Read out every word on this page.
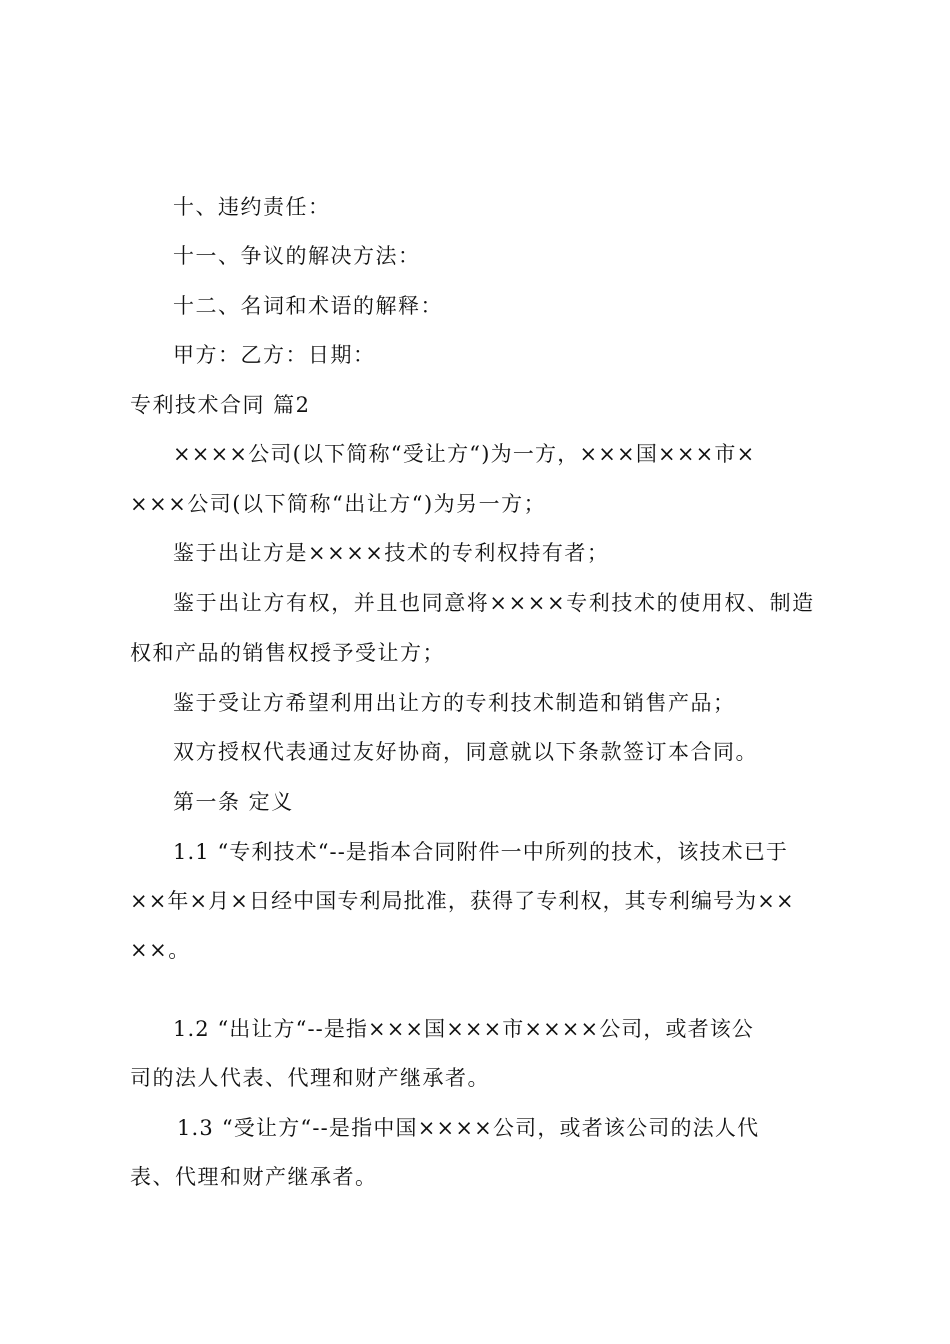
十、违约责任：
十一、争议的解决方法：
十二、名词和术语的解释：
甲方：乙方：日期：
专利技术合同 篇2
××××公司(以下简称“受让方“)为一方，×××国×××市×
×××公司(以下简称“出让方“)为另一方；
鉴于出让方是××××技术的专利权持有者；
鉴于出让方有权，并且也同意将××××专利技术的使用权、制造
权和产品的销售权授予受让方；
鉴于受让方希望利用出让方的专利技术制造和销售产品；
双方授权代表通过友好协商，同意就以下条款签订本合同。
第一条 定义
1.1 “专利技术“--是指本合同附件一中所列的技术，该技术已于
××年×月×日经中国专利局批准，获得了专利权，其专利编号为××
××。
1.2 “出让方“--是指×××国×××市××××公司，或者该公
司的法人代表、代理和财产继承者。
1.3 “受让方“--是指中国××××公司，或者该公司的法人代
表、代理和财产继承者。
